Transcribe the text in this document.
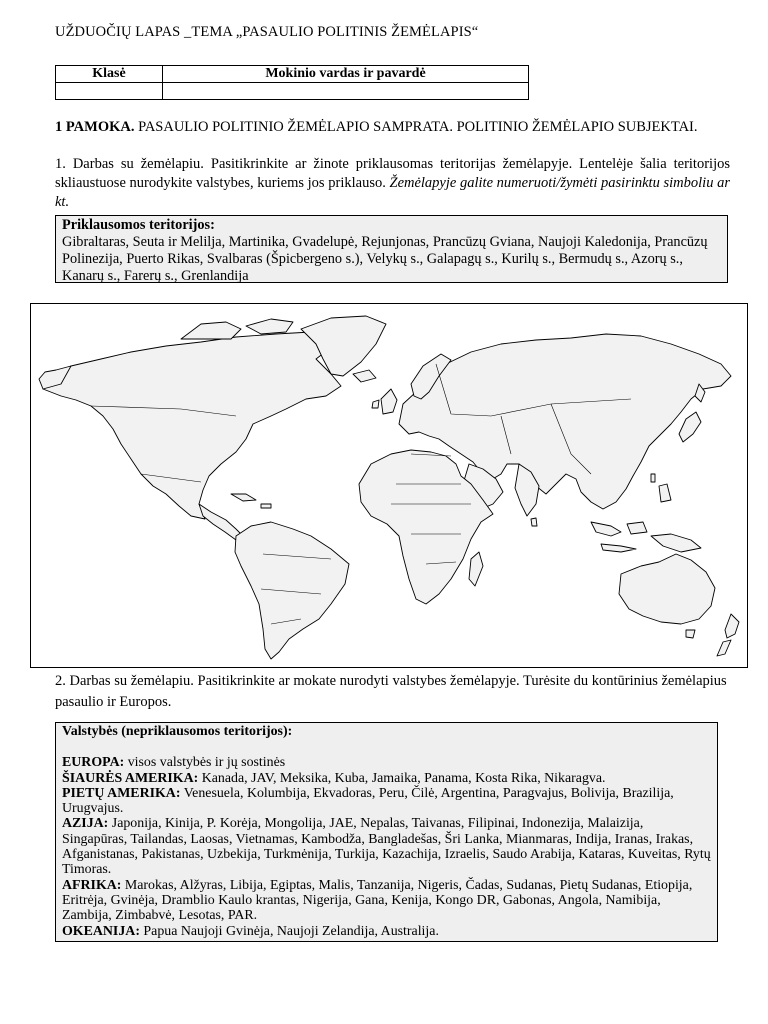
UŽDUOČIŲ LAPAS _TEMA „PASAULIO POLITINIS ŽEMĖLAPIS“
Klasė	Mokinio vardas ir pavardė

1 PAMOKA. PASAULIO POLITINIO ŽEMĖLAPIO SAMPRATA. POLITINIO ŽEMĖLAPIO SUBJEKTAI.
1. Darbas su žemėlapiu. Pasitikrinkite ar žinote priklausomas teritorijas žemėlapyje. Lentelėje šalia teritorijos skliaustuose nurodykite valstybes, kuriems jos priklauso. Žemėlapyje galite numeruoti/žymėti pasirinktu simboliu ar kt.
Priklausomos teritorijos:
Gibraltaras, Seuta ir Melilja, Martinika, Gvadelupė, Rejunjonas, Prancūzų Gviana, Naujoji Kaledonija, Prancūzų Polinezija, Puerto Rikas, Svalbaras (Špicbergeno s.), Velykų s., Galapagų s., Kurilų s., Bermudų s., Azorų s., Kanarų s., Farerų s., Grenlandija
2. Darbas su žemėlapiu. Pasitikrinkite ar mokate nurodyti valstybes žemėlapyje. Turėsite du kontūrinius žemėlapius pasaulio ir Europos.
Valstybės (nepriklausomos teritorijos):
EUROPA: visos valstybės ir jų sostinės
ŠIAURĖS AMERIKA: Kanada, JAV, Meksika, Kuba, Jamaika, Panama, Kosta Rika, Nikaragva.
PIETŲ AMERIKA: Venesuela, Kolumbija, Ekvadoras, Peru, Čilė, Argentina, Paragvajus, Bolivija, Brazilija, Urugvajus.
AZIJA: Japonija, Kinija, P. Korėja, Mongolija, JAE, Nepalas, Taivanas, Filipinai, Indonezija, Malaizija, Singapūras, Tailandas, Laosas, Vietnamas, Kambodža, Bangladešas, Šri Lanka, Mianmaras, Indija, Iranas, Irakas, Afganistanas, Pakistanas, Uzbekija, Turkmėnija, Turkija, Kazachija, Izraelis, Saudo Arabija, Kataras, Kuveitas, Rytų Timoras.
AFRIKA: Marokas, Alžyras, Libija, Egiptas, Malis, Tanzanija, Nigeris, Čadas, Sudanas, Pietų Sudanas, Etiopija, Eritrėja, Gvinėja, Dramblio Kaulo krantas, Nigerija, Gana, Kenija, Kongo DR, Gabonas, Angola, Namibija, Zambija, Zimbabvė, Lesotas, PAR.
OKEANIJA: Papua Naujoji Gvinėja, Naujoji Zelandija, Australija.
